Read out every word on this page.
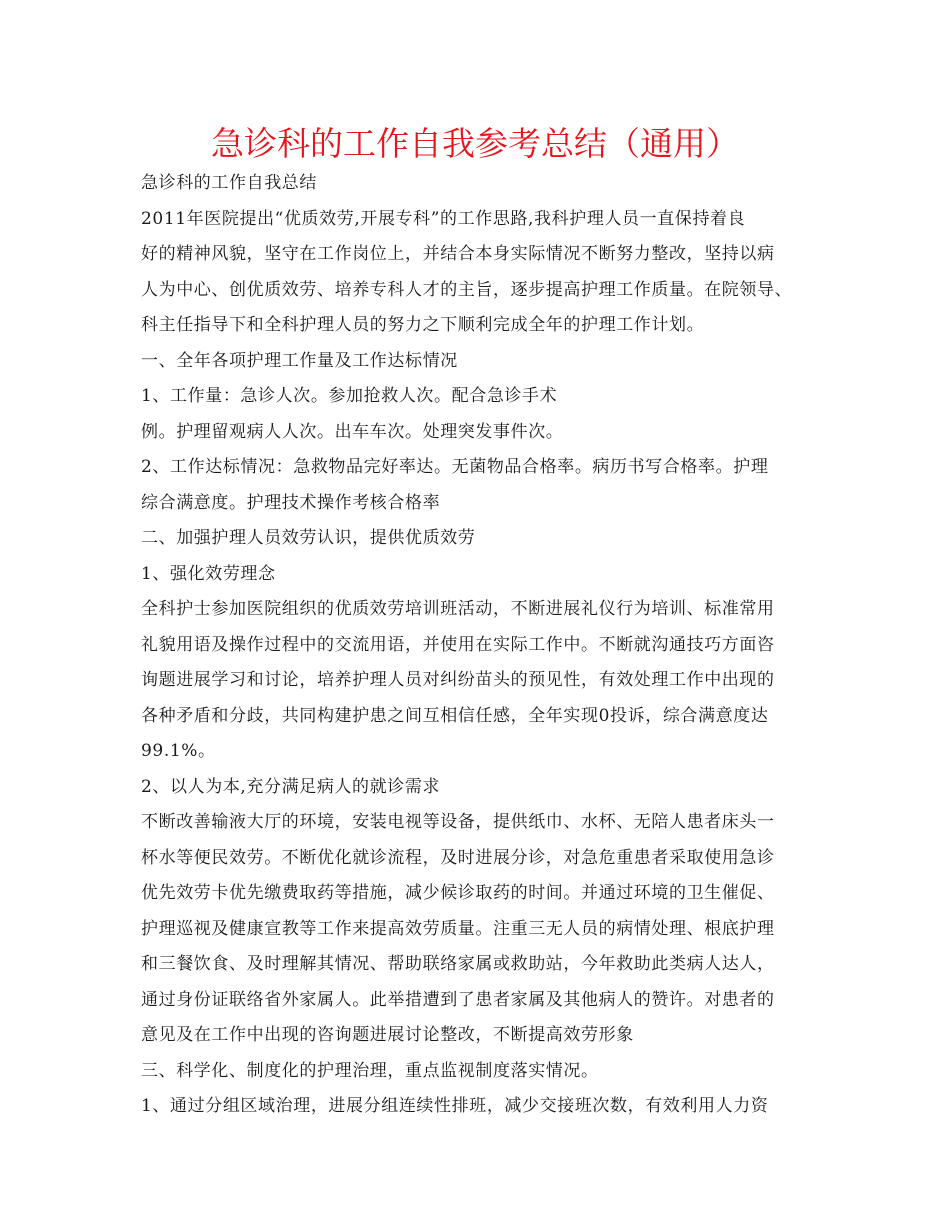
急诊科的工作自我参考总结（通用）
急诊科的工作自我总结
2011年医院提出“优质效劳,开展专科”的工作思路,我科护理人员一直保持着良
好的精神风貌，坚守在工作岗位上，并结合本身实际情况不断努力整改，坚持以病
人为中心、创优质效劳、培养专科人才的主旨，逐步提高护理工作质量。在院领导、
科主任指导下和全科护理人员的努力之下顺利完成全年的护理工作计划。
一、全年各项护理工作量及工作达标情况
1、工作量：急诊人次。参加抢救人次。配合急诊手术
例。护理留观病人人次。出车车次。处理突发事件次。
2、工作达标情况：急救物品完好率达。无菌物品合格率。病历书写合格率。护理
综合满意度。护理技术操作考核合格率
二、加强护理人员效劳认识，提供优质效劳
1、强化效劳理念
全科护士参加医院组织的优质效劳培训班活动，不断进展礼仪行为培训、标准常用
礼貌用语及操作过程中的交流用语，并使用在实际工作中。不断就沟通技巧方面咨
询题进展学习和讨论，培养护理人员对纠纷苗头的预见性，有效处理工作中出现的
各种矛盾和分歧，共同构建护患之间互相信任感，全年实现0投诉，综合满意度达
99.1%。
2、以人为本,充分满足病人的就诊需求
不断改善输液大厅的环境，安装电视等设备，提供纸巾、水杯、无陪人患者床头一
杯水等便民效劳。不断优化就诊流程，及时进展分诊，对急危重患者采取使用急诊
优先效劳卡优先缴费取药等措施，减少候诊取药的时间。并通过环境的卫生催促、
护理巡视及健康宣教等工作来提高效劳质量。注重三无人员的病情处理、根底护理
和三餐饮食、及时理解其情况、帮助联络家属或救助站，今年救助此类病人达人，
通过身份证联络省外家属人。此举措遭到了患者家属及其他病人的赞许。对患者的
意见及在工作中出现的咨询题进展讨论整改，不断提高效劳形象
三、科学化、制度化的护理治理，重点监视制度落实情况。
1、通过分组区域治理，进展分组连续性排班，减少交接班次数，有效利用人力资
